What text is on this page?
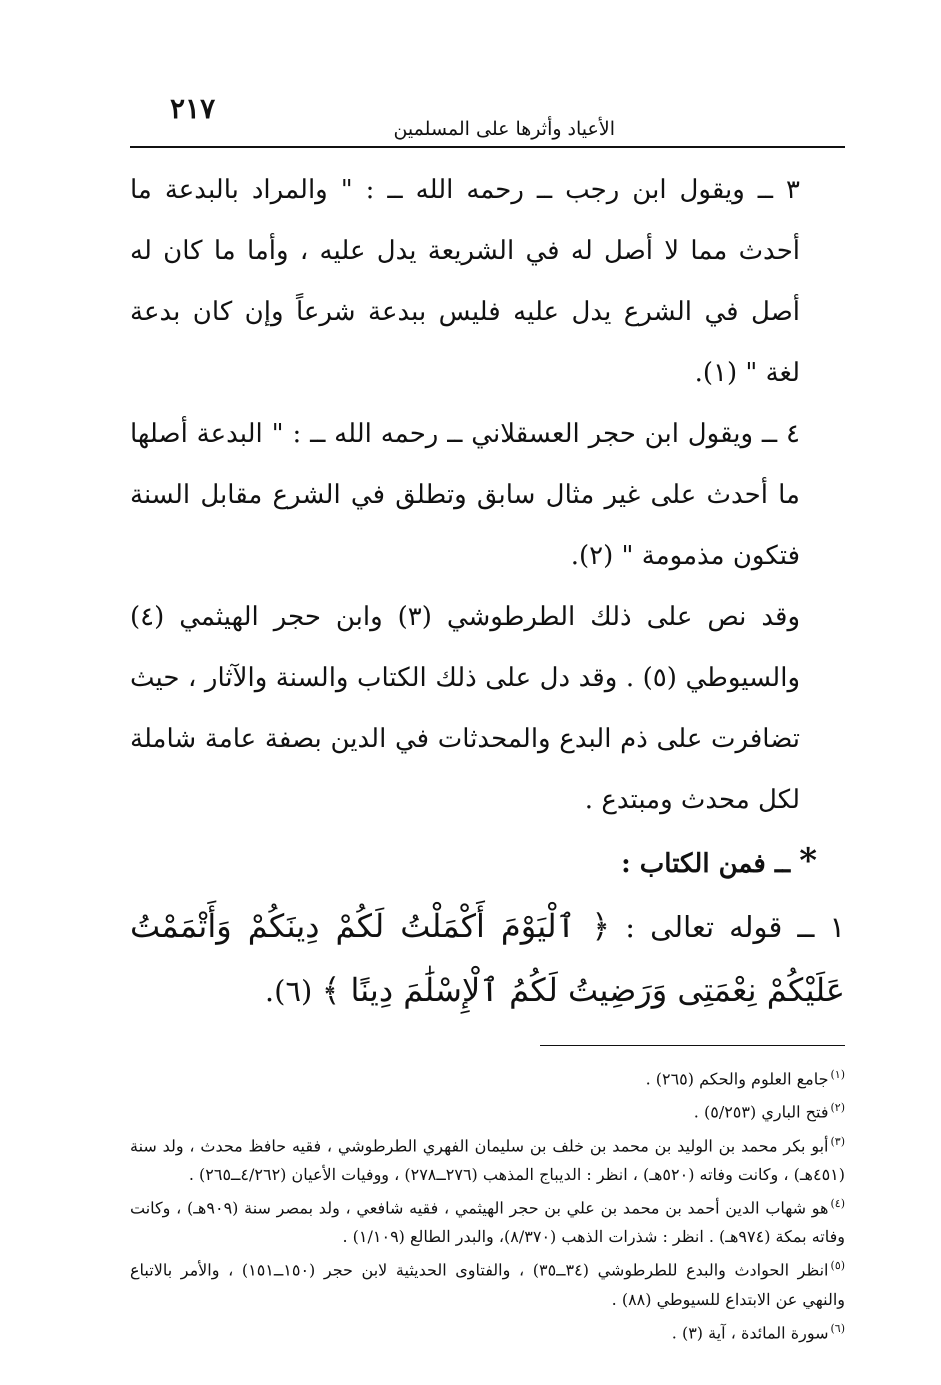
الأعياد وأثرها على المسلمين
٢١٧

٣ ــ ويقول ابن رجب ــ رحمه الله ــ : " والمراد بالبدعة ما أحدث مما لا أصل له في الشريعة يدل عليه ، وأما ما كان له أصل في الشرع يدل عليه فليس ببدعة شرعاً وإن كان بدعة لغة " (١).

٤ ــ ويقول ابن حجر العسقلاني ــ رحمه الله ــ : " البدعة أصلها ما أحدث على غير مثال سابق وتطلق في الشرع مقابل السنة فتكون مذمومة " (٢).

وقد نص على ذلك الطرطوشي (٣) وابن حجر الهيثمي (٤) والسيوطي (٥) . وقد دل على ذلك الكتاب والسنة والآثار ، حيث تضافرت على ذم البدع والمحدثات في الدين بصفة عامة شاملة لكل محدث ومبتدع .

* ــ فمن الكتاب :

١ ــ قوله تعالى : ﴿ ٱلْيَوْمَ أَكْمَلْتُ لَكُمْ دِينَكُمْ وَأَتْمَمْتُ عَلَيْكُمْ نِعْمَتِى وَرَضِيتُ لَكُمُ ٱلْإِسْلَٰمَ دِينًا ﴾ (٦).

$^{(١)}$جامع العلوم والحكم (٢٦٥) .

$^{(٢)}$فتح الباري (٥/٢٥٣) .

$^{(٣)}$أبو بكر محمد بن الوليد بن محمد بن خلف بن سليمان الفهري الطرطوشي ، فقيه حافظ محدث ، ولد سنة (٤٥١هـ) ، وكانت وفاته (٥٢٠هـ) ، انظر : الديباج المذهب (٢٧٦ــ٢٧٨) ، ووفيات الأعيان (٤/٢٦٢ــ٢٦٥) .

$^{(٤)}$هو شهاب الدين أحمد بن محمد بن علي بن حجر الهيثمي ، فقيه شافعي ، ولد بمصر سنة (٩٠٩هـ) ، وكانت وفاته بمكة (٩٧٤هـ) . انظر : شذرات الذهب (٨/٣٧٠)، والبدر الطالع (١/١٠٩) .

$^{(٥)}$انظر الحوادث والبدع للطرطوشي (٣٤ــ٣٥) ، والفتاوى الحديثية لابن حجر (١٥٠ــ١٥١) ، والأمر بالاتباع والنهي عن الابتداع للسيوطي (٨٨) .

$^{(٦)}$سورة المائدة ، آية (٣) .
